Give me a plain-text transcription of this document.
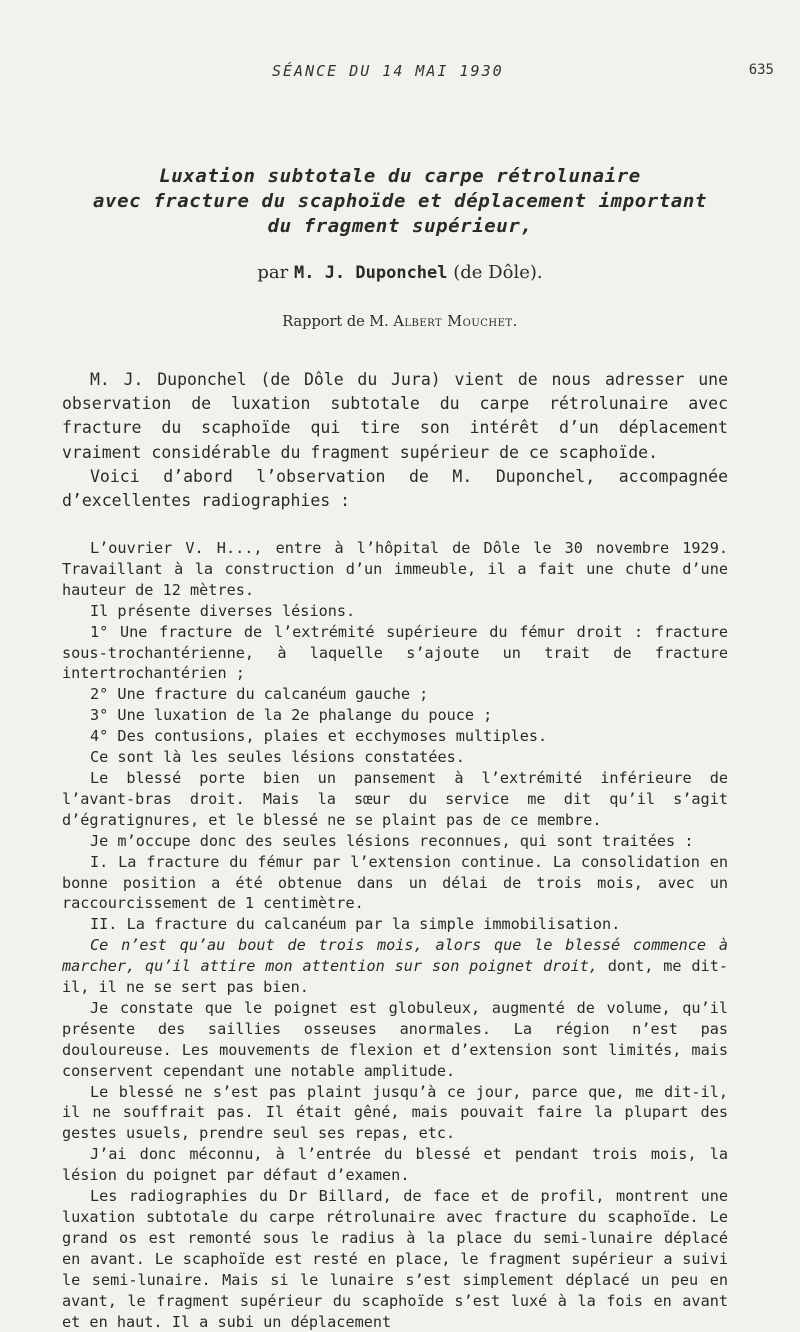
SÉANCE DU 14 MAI 1930	635
Luxation subtotale du carpe rétrolunaire
avec fracture du scaphoïde et déplacement important
du fragment supérieur,
par M. J. Duponchel (de Dôle).
Rapport de M. Albert Mouchet.

M. J. Duponchel (de Dôle du Jura) vient de nous adresser une observation de luxation subtotale du carpe rétrolunaire avec fracture du scaphoïde qui tire son intérêt d’un déplacement vraiment considérable du fragment supérieur de ce scaphoïde.

Voici d’abord l’observation de M. Duponchel, accompagnée d’excellentes radiographies :

L’ouvrier V. H..., entre à l’hôpital de Dôle le 30 novembre 1929. Travaillant à la construction d’un immeuble, il a fait une chute d’une hauteur de 12 mètres.

Il présente diverses lésions.

1° Une fracture de l’extrémité supérieure du fémur droit : fracture sous-trochantérienne, à laquelle s’ajoute un trait de fracture intertrochantérien ;

2° Une fracture du calcanéum gauche ;

3° Une luxation de la 2e phalange du pouce ;

4° Des contusions, plaies et ecchymoses multiples.

Ce sont là les seules lésions constatées.

Le blessé porte bien un pansement à l’extrémité inférieure de l’avant-bras droit. Mais la sœur du service me dit qu’il s’agit d’égratignures, et le blessé ne se plaint pas de ce membre.

Je m’occupe donc des seules lésions reconnues, qui sont traitées :

I. La fracture du fémur par l’extension continue. La consolidation en bonne position a été obtenue dans un délai de trois mois, avec un raccourcissement de 1 centimètre.

II. La fracture du calcanéum par la simple immobilisation.

Ce n’est qu’au bout de trois mois, alors que le blessé commence à marcher, qu’il attire mon attention sur son poignet droit, dont, me dit-il, il ne se sert pas bien.

Je constate que le poignet est globuleux, augmenté de volume, qu’il présente des saillies osseuses anormales. La région n’est pas douloureuse. Les mouvements de flexion et d’extension sont limités, mais conservent cependant une notable amplitude.

Le blessé ne s’est pas plaint jusqu’à ce jour, parce que, me dit-il, il ne souffrait pas. Il était gêné, mais pouvait faire la plupart des gestes usuels, prendre seul ses repas, etc.

J’ai donc méconnu, à l’entrée du blessé et pendant trois mois, la lésion du poignet par défaut d’examen.

Les radiographies du Dr Billard, de face et de profil, montrent une luxation subtotale du carpe rétrolunaire avec fracture du scaphoïde. Le grand os est remonté sous le radius à la place du semi-lunaire déplacé en avant. Le scaphoïde est resté en place, le fragment supérieur a suivi le semi-lunaire. Mais si le lunaire s’est simplement déplacé un peu en avant, le fragment supérieur du scaphoïde s’est luxé à la fois en avant et en haut. Il a subi un déplacement
